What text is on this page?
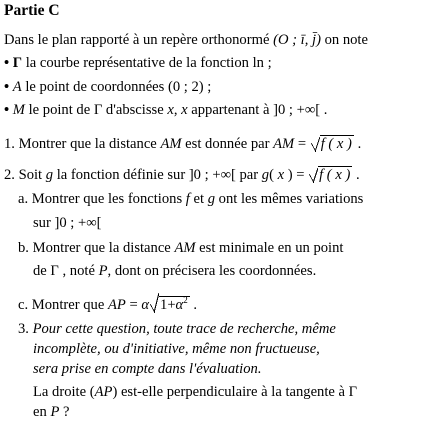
Partie C
Dans le plan rapporté à un repère orthonormé (O ; ī, j̄) on note
• Γ la courbe représentative de la fonction ln ;
• A le point de coordonnées (0 ; 2) ;
• M le point de Γ d'abscisse x, x appartenant à ]0 ; +∞[ .
1. Montrer que la distance AM est donnée par AM = f ( x ) .
2. Soit g la fonction définie sur ]0 ; +∞[ par g( x ) = f ( x ) .
a. Montrer que les fonctions f et g ont les mêmes variations
sur ]0 ; +∞[
b. Montrer que la distance AM est minimale en un point
de Γ , noté P, dont on précisera les coordonnées.
c. Montrer que AP = α $1+\alpha^2$ .
3. Pour cette question, toute trace de recherche, même
incomplète, ou d'initiative, même non fructueuse,
sera prise en compte dans l'évaluation.
La droite (AP) est-elle perpendiculaire à la tangente à Γ
en P ?
